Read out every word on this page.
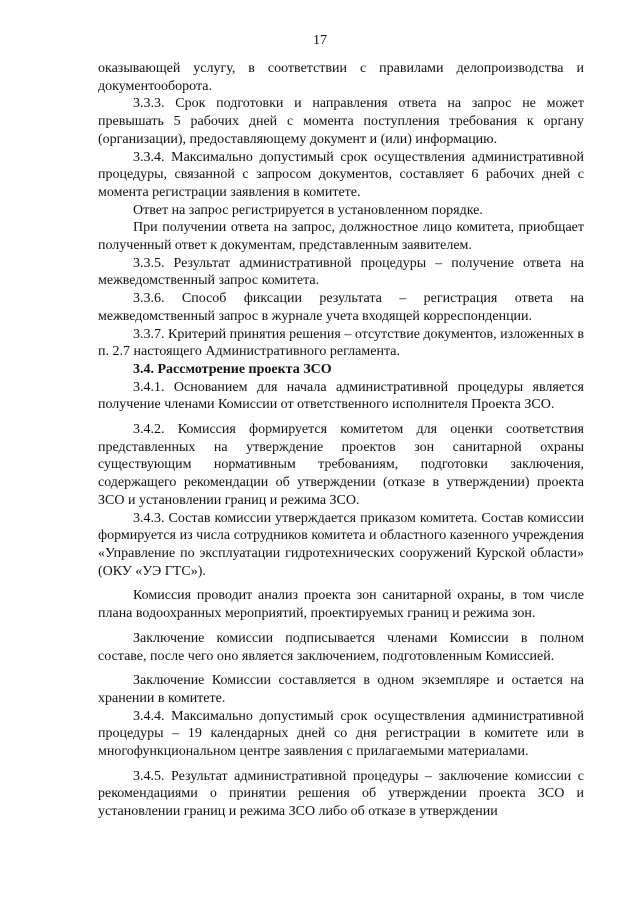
17

оказывающей услугу, в соответствии с правилами делопроизводства и документооборота.

3.3.3. Срок подготовки и направления ответа на запрос не может превышать 5 рабочих дней с момента поступления требования к органу (организации), предоставляющему документ и (или) информацию.

3.3.4. Максимально допустимый срок осуществления административной процедуры, связанной с запросом документов, составляет 6 рабочих дней с момента регистрации заявления в комитете.

Ответ на запрос регистрируется в установленном порядке.

При получении ответа на запрос, должностное лицо комитета, приобщает полученный ответ к документам, представленным заявителем.

3.3.5. Результат административной процедуры – получение ответа на межведомственный запрос комитета.

3.3.6. Способ фиксации результата – регистрация ответа на межведомственный запрос в журнале учета входящей корреспонденции.

3.3.7. Критерий принятия решения – отсутствие документов, изложенных в п. 2.7 настоящего Административного регламента.

3.4. Рассмотрение проекта ЗСО

3.4.1. Основанием для начала административной процедуры является получение членами Комиссии от ответственного исполнителя Проекта ЗСО.

3.4.2. Комиссия формируется комитетом для оценки соответствия представленных на утверждение проектов зон санитарной охраны существующим нормативным требованиям, подготовки заключения, содержащего рекомендации об утверждении (отказе в утверждении) проекта ЗСО и установлении границ и режима ЗСО.

3.4.3. Состав комиссии утверждается приказом комитета. Состав комиссии формируется из числа сотрудников комитета и областного казенного учреждения «Управление по эксплуатации гидротехнических сооружений Курской области» (ОКУ «УЭ ГТС»).

Комиссия проводит анализ проекта зон санитарной охраны, в том числе плана водоохранных мероприятий, проектируемых границ и режима зон.

Заключение комиссии подписывается членами Комиссии в полном составе, после чего оно является заключением, подготовленным Комиссией.

Заключение Комиссии составляется в одном экземпляре и остается на хранении в комитете.

3.4.4. Максимально допустимый срок осуществления административной процедуры – 19 календарных дней со дня регистрации в комитете или в многофункциональном центре заявления с прилагаемыми материалами.

3.4.5. Результат административной процедуры – заключение комиссии с рекомендациями о принятии решения об утверждении проекта ЗСО и установлении границ и режима ЗСО либо об отказе в утверждении
